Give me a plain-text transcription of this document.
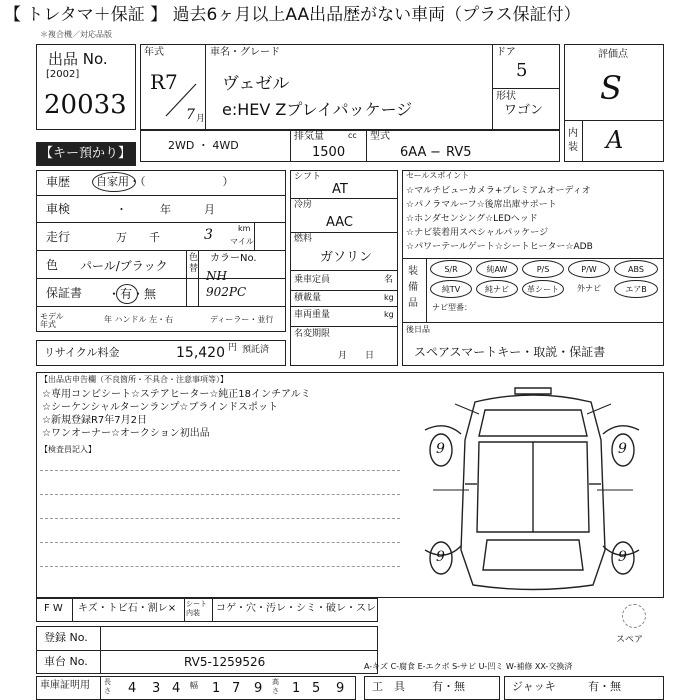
【 トレタマ＋保証 】 過去6ヶ月以上AA出品歴がない車両（プラス保証付）
＊複合機／対応品版
出品 No.
[2002]
20033
【キー預かり】
年式
R7
7 月
車名・グレード
ヴェゼル
e:HEV Zプレイパッケージ
ドア
5
形状
ワゴン
評価点
S
内装 A
2WD ・ 4WD
排気量	cc
1500
型式
6AA − RV5
車歴 自家用・（　　　　　　　）
車検	・　　　年　　　月
走行	万　　千	3	km
マイル
色 パール/ブラック
色替
カラーNo.
NH 902PC
保証書 ・有・無
モデル年式
年 ハンドル 左・右	ディーラー・並行
リサイクル料金	15,420 円 預託済
シフト
AT
冷房
AAC
燃料
ガソリン
乗車定員	名
積載量	kg
車両重量	kg
名変期限
月　　日
セールスポイント
☆マルチビューカメラ+プレミアムオーディオ
☆パノラマルーフ☆後席出庫サポート
☆ホンダセンシング☆LEDヘッド
☆ナビ装着用スペシャルパッケージ
☆パワーテールゲート☆シートヒーター☆ADB
装備品
S/R	純AW	P/S	P/W	ABS
純TV	純ナビ	革シート	外ナビ	エアB
ナビ型番：
後日品
スペアスマートキー・取説・保証書
【出品店申告欄（不良箇所・不具合・注意事項等）】
☆専用コンビシート☆ステアヒーター☆純正18インチアルミ
☆シーケンシャルターンランプ☆ブラインドスポット
☆新規登録R7年7月2日
☆ワンオーナー☆オークション初出品
【検査員記入】	9	9
9	9
F W キズ・トビ石・割レ× シート内装	コゲ・穴・汚レ・シミ・破レ・スレ
スペア
登録 No.
車台 No.	RV5-1259526	A-キズ C-腐食 E-エクボ S-サビ U-凹ミ W-補修 XX-交換済
車庫証明用 長さ 4 3 4 幅 1 7 9 高さ 1 5 9	工　具 有・無	ジャッキ	有・無
